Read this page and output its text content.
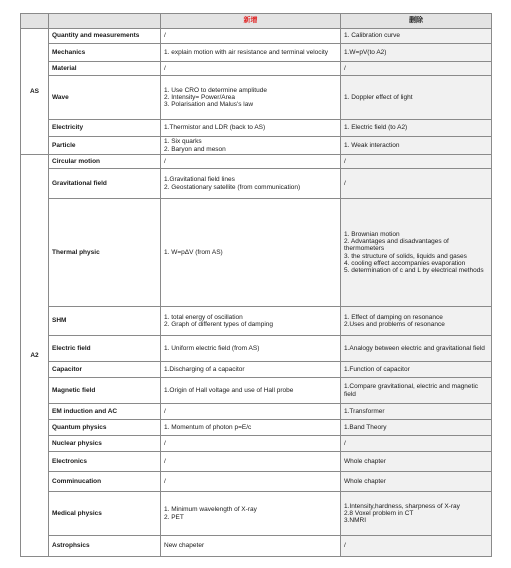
		新增	删除
AS	Quantity and measurements	/	1. Calibration curve

	Mechanics	1. explain motion with air resistance and terminal velocity	1.W=pV(to A2)

	Material	/	/

	Wave	1. Use CRO to determine amplitude
2. Intensity= Power/Area
3. Polarisation and Malus's law	1. Doppler effect of light

	Electricity	1.Thermistor and LDR (back to AS)	1. Electric field (to A2)

	Particle	1. Six quarks
2. Baryon and meson	1. Weak interaction

A2	Circular motion	/	/

	Gravitational field	1.Gravitational field lines
2. Geostationary satellite (from communication)	/

	Thermal physic	1. W=pΔV (from AS)	1. Brownian motion
2. Advantages and disadvantages of thermometers
3. the structure of solids, liquids and gases
4. cooling effect accompanies evaporation
5. determination of c and L by electrical methods

	SHM	1. total energy of oscillation
2. Graph of different types of damping	1. Effect of damping on resonance
2.Uses and problems of resonance

	Electric field	1. Uniform electric field (from AS)	1.Analogy between electric and gravitational field

	Capacitor	1.Discharging of a capacitor	1.Function of capacitor

	Magnetic field	1.Origin of Hall voltage and use of Hall probe	1.Compare gravitational, electric and magnetic field

	EM induction and AC	/	1.Transformer

	Quantum physics	1. Momentum of photon p=E/c	1.Band Theory

	Nuclear physics	/	/

	Electronics	/	Whole chapter

	Comminucation	/	Whole chapter

	Medical physics	1. Minimum wavelength of X-ray
2. PET	1.Intensity,hardness, sharpness of X-ray
2.8 Voxel problem in CT
3.NMRI

	Astrophsics	New chapeter	/
